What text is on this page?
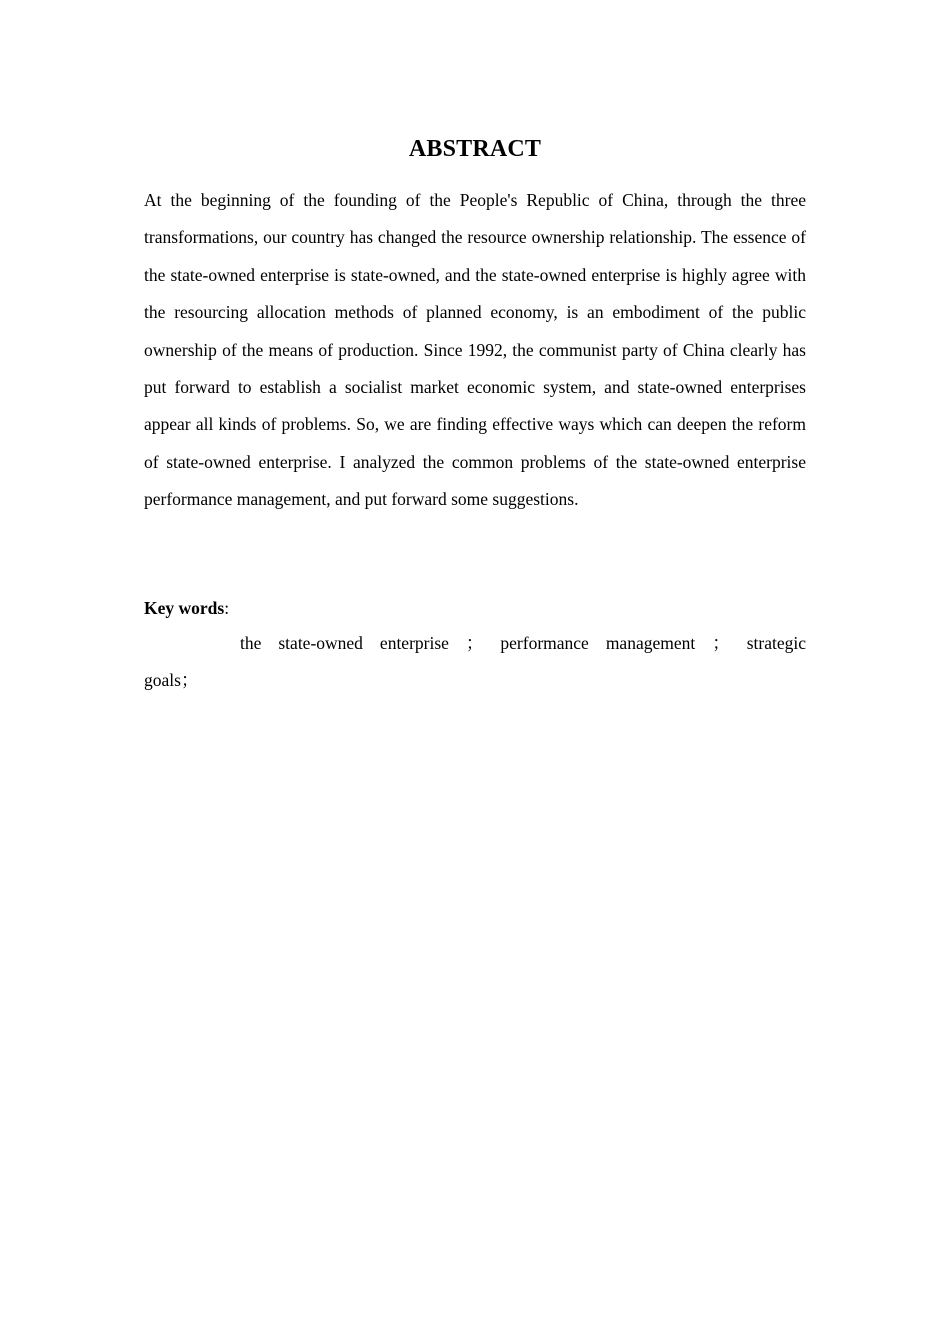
ABSTRACT
At the beginning of the founding of the People's Republic of China, through the three transformations, our country has changed the resource ownership relationship. The essence of the state-owned enterprise is state-owned, and the state-owned enterprise is highly agree with the resourcing allocation methods of planned economy, is an embodiment of the public ownership of the means of production. Since 1992, the communist party of China clearly has put forward to establish a socialist market economic system, and state-owned enterprises appear all kinds of problems. So, we are finding effective ways which can deepen the reform of state-owned enterprise. I analyzed the common problems of the state-owned enterprise performance management, and put forward some suggestions.
Key words:
the state-owned enterprise ； performance management ； strategic goals；
